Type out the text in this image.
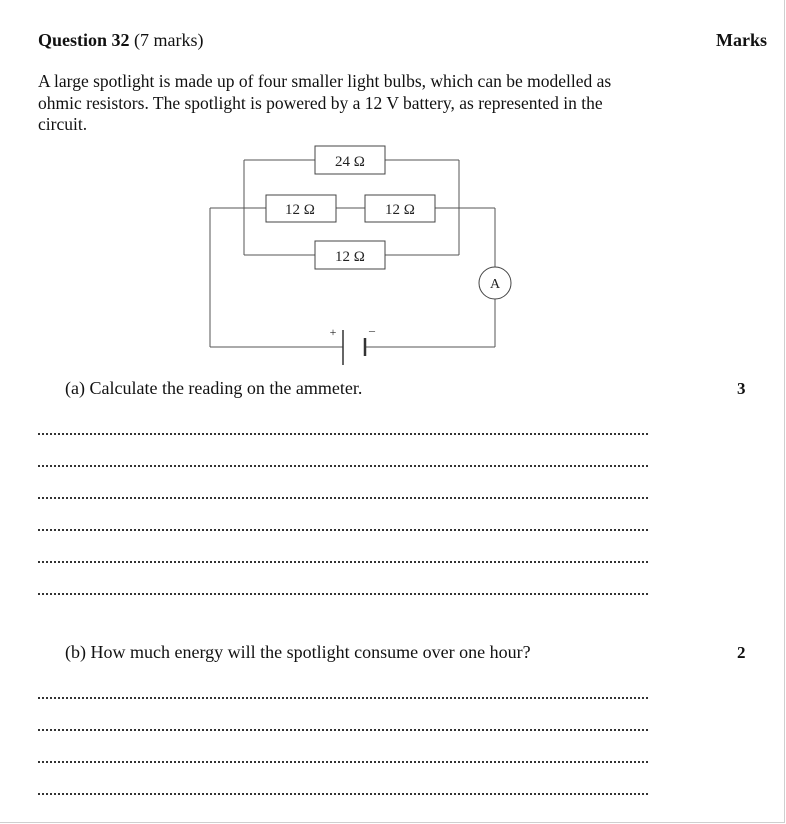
Question 32 (7 marks)	Marks
A large spotlight is made up of four smaller light bulbs, which can be modelled as ohmic resistors. The spotlight is powered by a 12 V battery, as represented in the circuit.
24 Ω
12 Ω	12 Ω
12 Ω
A
+	–
(a) Calculate the reading on the ammeter.	3
(b) How much energy will the spotlight consume over one hour?	2
